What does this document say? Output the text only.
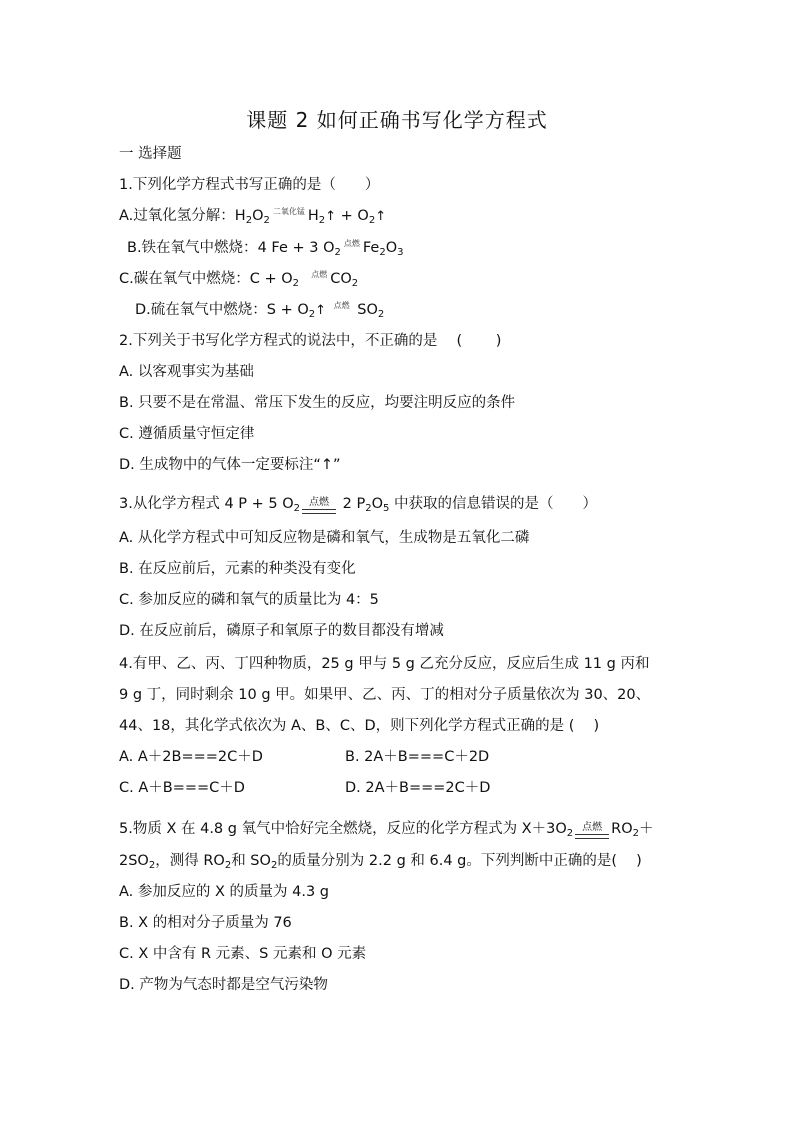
课题 2 如何正确书写化学方程式
一 选择题
1.下列化学方程式书写正确的是（　　）
A.过氧化氢分解：$H_2O_2^{二氧化锰}$ $H_2↑$ + $O_2↑$
B.铁在氧气中燃烧：4 Fe + 3 $O_2^{点燃}$ $Fe_2O_3$
C.碳在氧气中燃烧：$C + O_2$  $^{点燃}$ $CO_2$
D.硫在氧气中燃烧：$S + O_2↑$ $^{点燃}$ $SO_2$
2.下列关于书写化学方程式的说法中，不正确的是　 (　　 )
A. 以客观事实为基础
B. 只要不是在常温、常压下发生的反应，均要注明反应的条件
C. 遵循质量守恒定律
D. 生成物中的气体一定要标注“↑”
3.从化学方程式 4 P + 5 $O_2$
点燃 2 $P_2O_5$ 中获取的信息错误的是（　　）
A. 从化学方程式中可知反应物是磷和氧气，生成物是五氧化二磷
B. 在反应前后，元素的种类没有变化
C. 参加反应的磷和氧气的质量比为 4：5
D. 在反应前后，磷原子和氧原子的数目都没有增减
4.有甲、乙、丙、丁四种物质，25 g 甲与 5 g 乙充分反应，反应后生成 11 g 丙和
9 g 丁，同时剩余 10 g 甲。如果甲、乙、丙、丁的相对分子质量依次为 30、20、
44、18，其化学式依次为 A、B、C、D，则下列化学方程式正确的是 (　 )
A. A＋2B===2C＋D	B. 2A＋B===C＋2D
C. A＋B===C＋D	D. 2A＋B===2C＋D
5.物质 X 在 4.8 g 氧气中恰好完全燃烧，反应的化学方程式为 $X+3O_2$
点燃 $RO_2+$
$2SO_2$，测得 $RO_2$和 $SO_2$的质量分别为 2.2 g 和 6.4 g。下列判断中正确的是(　 )
A. 参加反应的 X 的质量为 4.3 g
B. X 的相对分子质量为 76
C. X 中含有 R 元素、S 元素和 O 元素
D. 产物为气态时都是空气污染物
